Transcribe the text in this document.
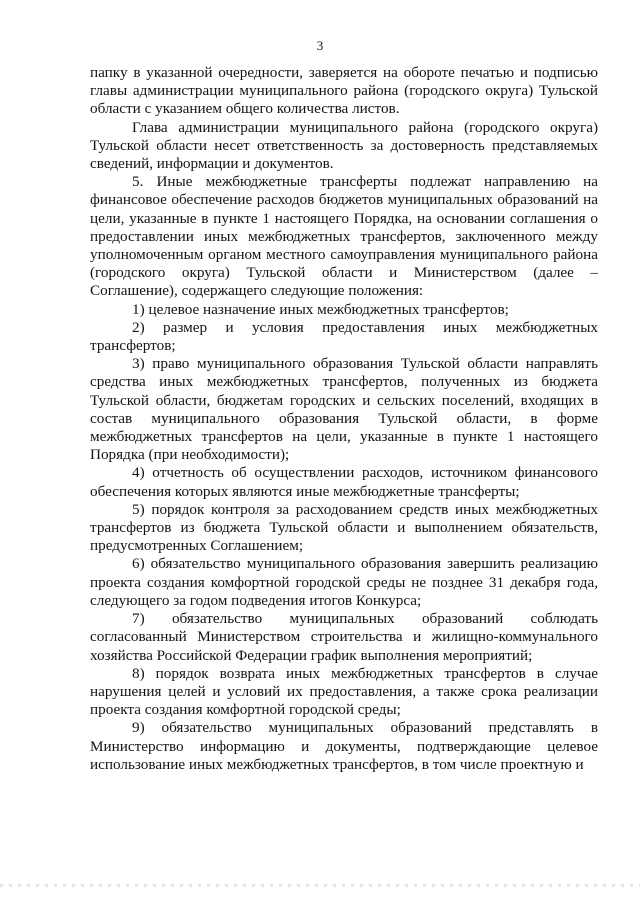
3

папку в указанной очередности, заверяется на обороте печатью и подписью главы администрации муниципального района (городского округа) Тульской области с указанием общего количества листов.

Глава администрации муниципального района (городского округа) Тульской области несет ответственность за достоверность представляемых сведений, информации и документов.

5. Иные межбюджетные трансферты подлежат направлению на финансовое обеспечение расходов бюджетов муниципальных образований на цели, указанные в пункте 1 настоящего Порядка, на основании соглашения о предоставлении иных межбюджетных трансфертов, заключенного между уполномоченным органом местного самоуправления муниципального района (городского округа) Тульской области и Министерством (далее – Соглашение), содержащего следующие положения:

1) целевое назначение иных межбюджетных трансфертов;

2) размер и условия предоставления иных межбюджетных трансфертов;

3) право муниципального образования Тульской области направлять средства иных межбюджетных трансфертов, полученных из бюджета Тульской области, бюджетам городских и сельских поселений, входящих в состав муниципального образования Тульской области, в форме межбюджетных трансфертов на цели, указанные в пункте 1 настоящего Порядка (при необходимости);

4) отчетность об осуществлении расходов, источником финансового обеспечения которых являются иные межбюджетные трансферты;

5) порядок контроля за расходованием средств иных межбюджетных трансфертов из бюджета Тульской области и выполнением обязательств, предусмотренных Соглашением;

6) обязательство муниципального образования завершить реализацию проекта создания комфортной городской среды не позднее 31 декабря года, следующего за годом подведения итогов Конкурса;

7) обязательство муниципальных образований соблюдать согласованный Министерством строительства и жилищно-коммунального хозяйства Российской Федерации график выполнения мероприятий;

8) порядок возврата иных межбюджетных трансфертов в случае нарушения целей и условий их предоставления, а также срока реализации проекта создания комфортной городской среды;

9) обязательство муниципальных образований представлять в Министерство информацию и документы, подтверждающие целевое использование иных межбюджетных трансфертов, в том числе проектную и
